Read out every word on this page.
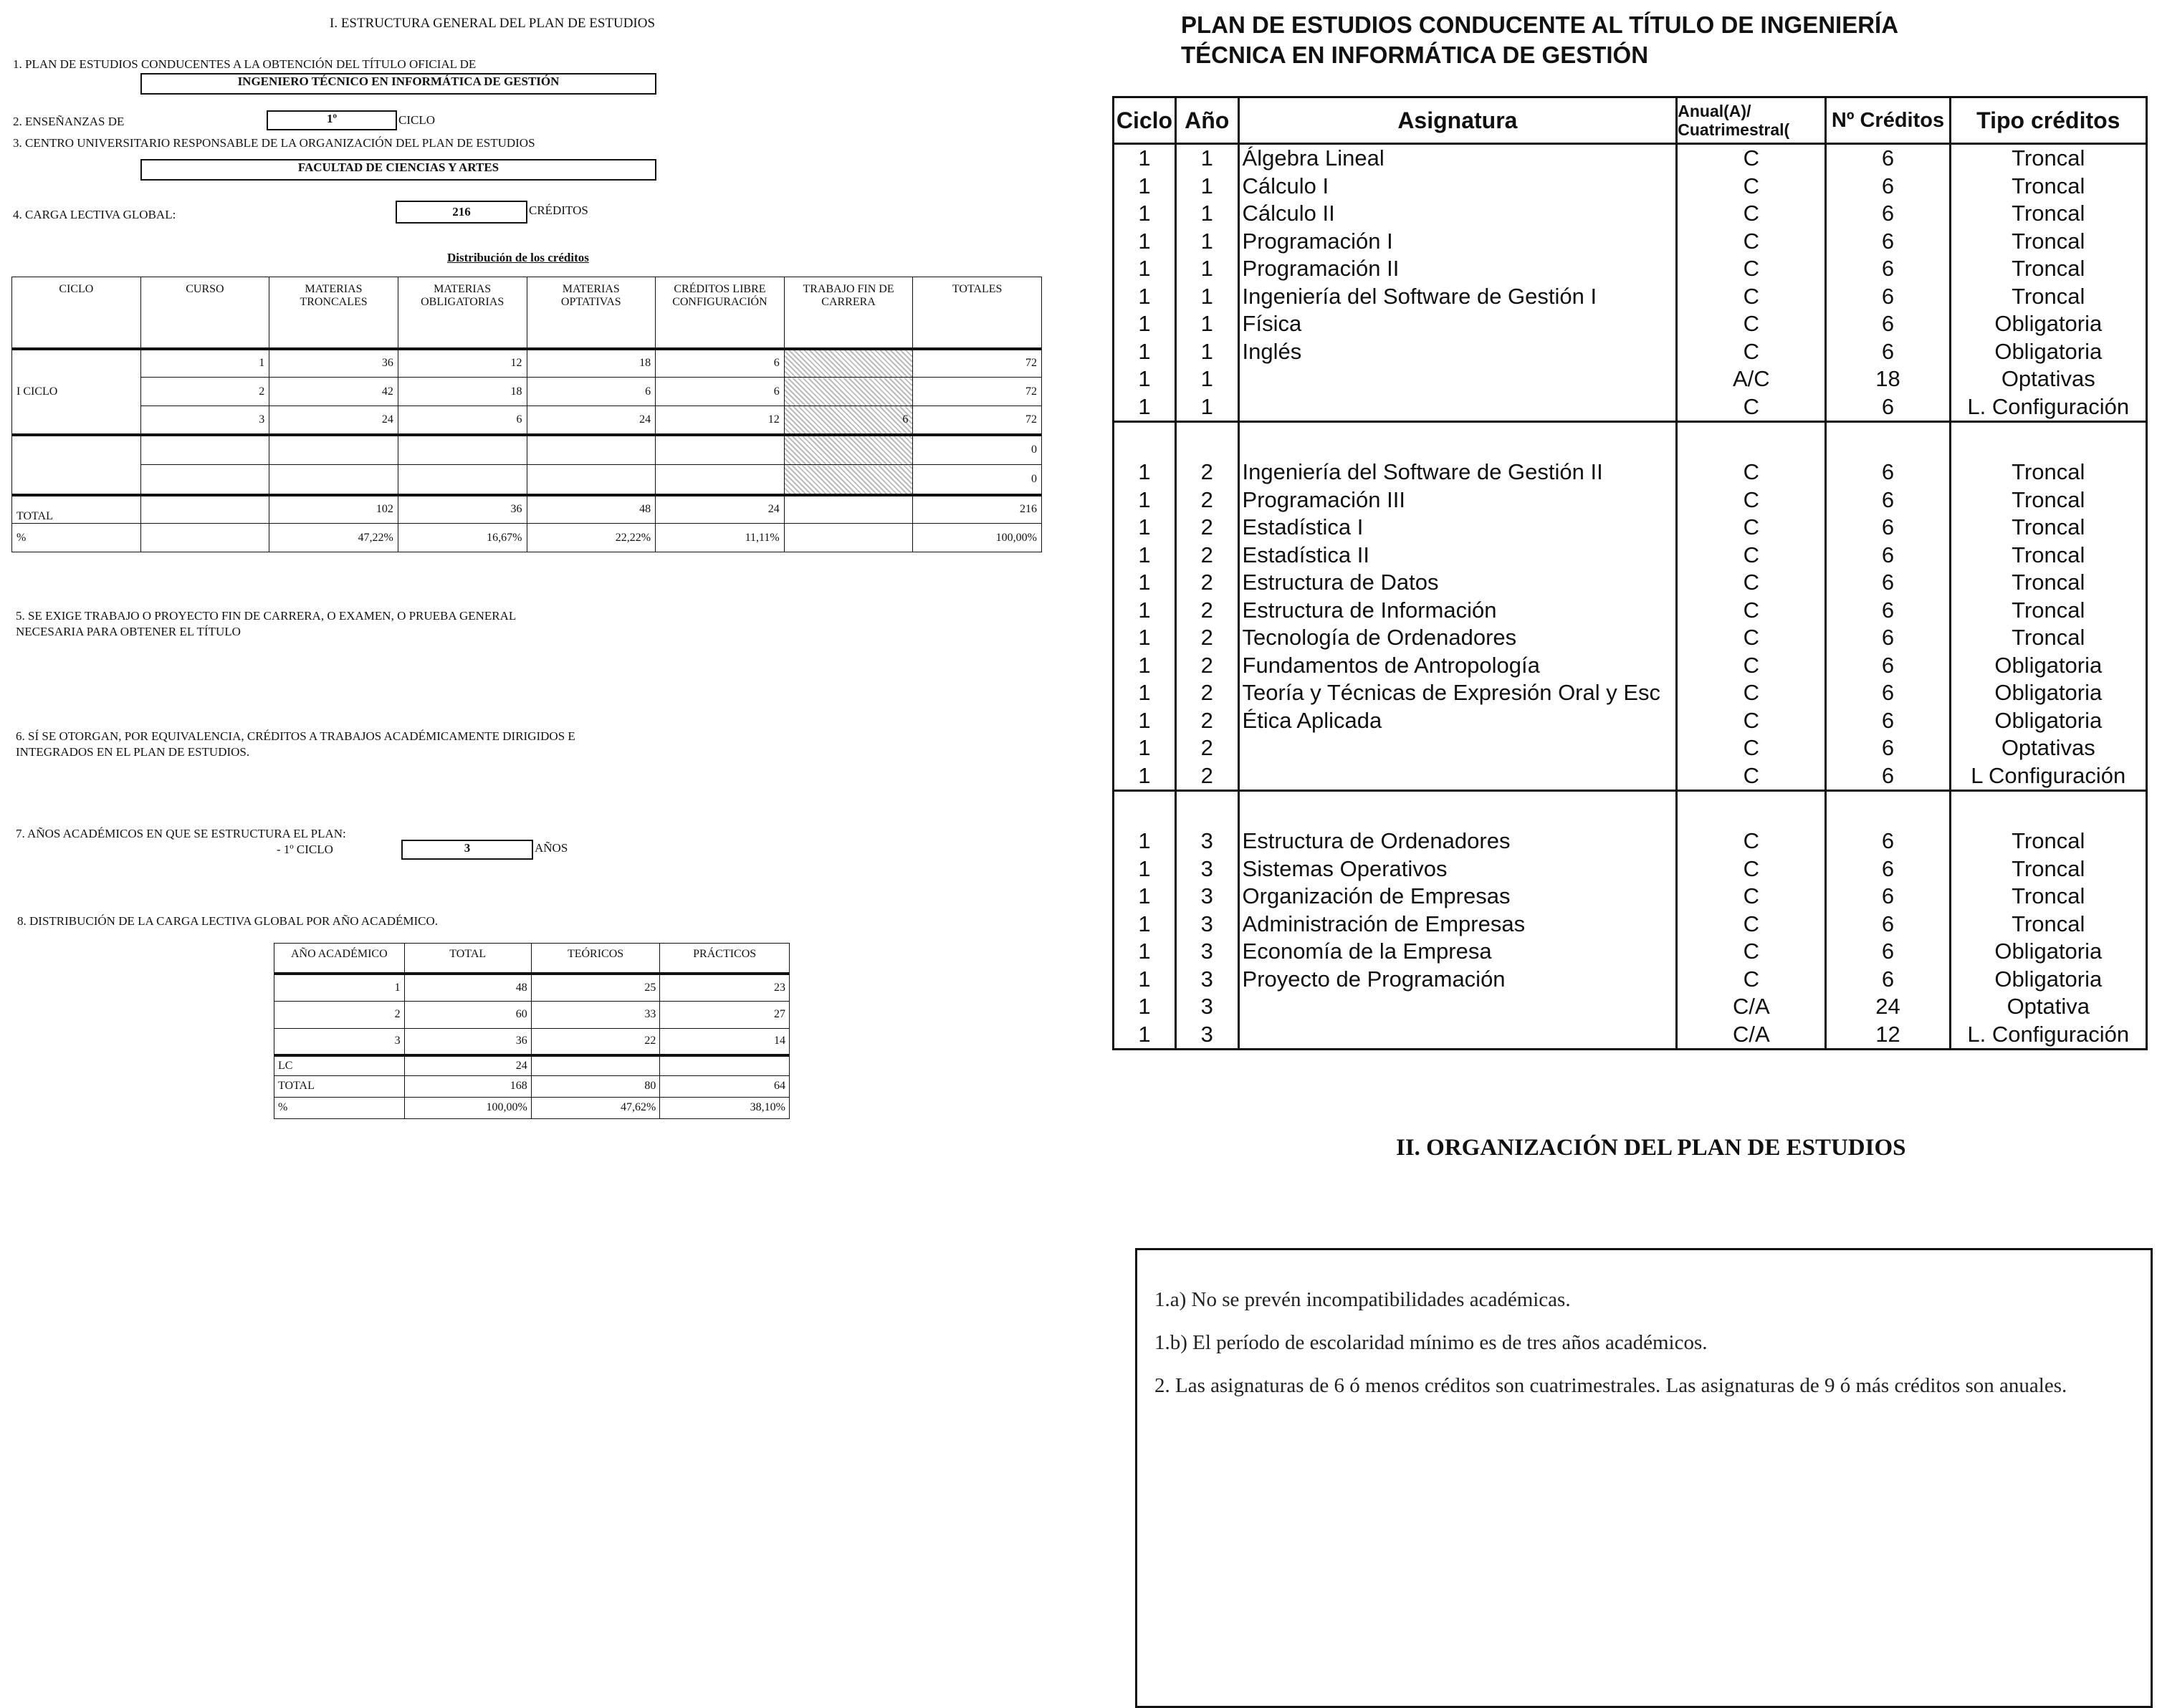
I. ESTRUCTURA GENERAL DEL PLAN DE ESTUDIOS
1. PLAN DE ESTUDIOS CONDUCENTES A LA OBTENCIÓN DEL TÍTULO OFICIAL DE
INGENIERO TÉCNICO EN INFORMÁTICA DE GESTIÓN
2. ENSEÑANZAS DE	1º	CICLO
3. CENTRO UNIVERSITARIO RESPONSABLE DE LA ORGANIZACIÓN DEL PLAN DE ESTUDIOS
FACULTAD DE CIENCIAS Y ARTES
4. CARGA LECTIVA GLOBAL:	216	CRÉDITOS
Distribución de los créditos
CICLO	CURSO	MATERIAS TRONCALES	MATERIAS OBLIGATORIAS	MATERIAS OPTATIVAS	CRÉDITOS LIBRE CONFIGURACIÓN	TRABAJO FIN DE CARRERA	TOTALES
I CICLO	1	36	12	18	6		72
	2	42	18	6	6		72
	3	24	6	24	12	6	72
							0
							0
TOTAL		102	36	48	24		216
%		47,22%	16,67%	22,22%	11,11%		100,00%
5. SE EXIGE TRABAJO O PROYECTO FIN DE CARRERA, O EXAMEN, O PRUEBA GENERAL
NECESARIA PARA OBTENER EL TÍTULO
6. SÍ SE OTORGAN, POR EQUIVALENCIA, CRÉDITOS A TRABAJOS ACADÉMICAMENTE DIRIGIDOS E
INTEGRADOS EN EL PLAN DE ESTUDIOS.
7. AÑOS ACADÉMICOS EN QUE SE ESTRUCTURA EL PLAN:
- 1º CICLO	3	AÑOS
8. DISTRIBUCIÓN DE LA CARGA LECTIVA GLOBAL POR AÑO ACADÉMICO.
AÑO ACADÉMICO	TOTAL	TEÓRICOS	PRÁCTICOS
1	48	25	23
2	60	33	27
3	36	22	14
LC	24		
TOTAL	168	80	64
%	100,00%	47,62%	38,10%
PLAN DE ESTUDIOS CONDUCENTE AL TÍTULO DE INGENIERÍA
TÉCNICA EN INFORMÁTICA DE GESTIÓN
Ciclo	Año	Asignatura	Anual(A)/
Cuatrimestral(	Nº Créditos	Tipo créditos
1	1	Álgebra Lineal	C	6	Troncal
1	1	Cálculo I	C	6	Troncal
1	1	Cálculo II	C	6	Troncal
1	1	Programación I	C	6	Troncal
1	1	Programación II	C	6	Troncal
1	1	Ingeniería del Software de Gestión I	C	6	Troncal
1	1	Física	C	6	Obligatoria
1	1	Inglés	C	6	Obligatoria
1	1		A/C	18	Optativas
1	1		C	6	L. Configuración

1	2	Ingeniería del Software de Gestión II	C	6	Troncal
1	2	Programación III	C	6	Troncal
1	2	Estadística I	C	6	Troncal
1	2	Estadística II	C	6	Troncal
1	2	Estructura de Datos	C	6	Troncal
1	2	Estructura de Información	C	6	Troncal
1	2	Tecnología de Ordenadores	C	6	Troncal
1	2	Fundamentos de Antropología	C	6	Obligatoria
1	2	Teoría y Técnicas de Expresión Oral y Esc	C	6	Obligatoria
1	2	Ética Aplicada	C	6	Obligatoria
1	2		C	6	Optativas
1	2		C	6	L Configuración

1	3	Estructura de Ordenadores	C	6	Troncal
1	3	Sistemas Operativos	C	6	Troncal
1	3	Organización de Empresas	C	6	Troncal
1	3	Administración de Empresas	C	6	Troncal
1	3	Economía de la Empresa	C	6	Obligatoria
1	3	Proyecto de Programación	C	6	Obligatoria
1	3		C/A	24	Optativa
1	3		C/A	12	L. Configuración
II. ORGANIZACIÓN DEL PLAN DE ESTUDIOS

1.a) No se prevén incompatibilidades académicas.

1.b) El período de escolaridad mínimo es de tres años académicos.

2. Las asignaturas de 6 ó menos créditos son cuatrimestrales. Las asignaturas de 9 ó más créditos son anuales.
